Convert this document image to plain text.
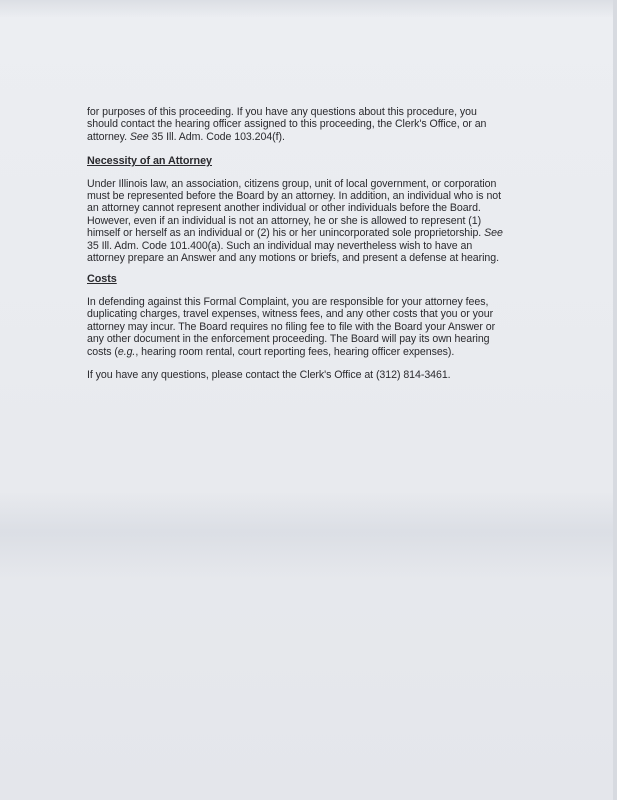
for purposes of this proceeding. If you have any questions about this procedure, you should contact the hearing officer assigned to this proceeding, the Clerk's Office, or an attorney. See 35 Ill. Adm. Code 103.204(f).

Necessity of an Attorney

Under Illinois law, an association, citizens group, unit of local government, or corporation must be represented before the Board by an attorney. In addition, an individual who is not an attorney cannot represent another individual or other individuals before the Board. However, even if an individual is not an attorney, he or she is allowed to represent (1) himself or herself as an individual or (2) his or her unincorporated sole proprietorship. See 35 Ill. Adm. Code 101.400(a). Such an individual may nevertheless wish to have an attorney prepare an Answer and any motions or briefs, and present a defense at hearing.

Costs

In defending against this Formal Complaint, you are responsible for your attorney fees, duplicating charges, travel expenses, witness fees, and any other costs that you or your attorney may incur. The Board requires no filing fee to file with the Board your Answer or any other document in the enforcement proceeding. The Board will pay its own hearing costs (e.g., hearing room rental, court reporting fees, hearing officer expenses).

If you have any questions, please contact the Clerk's Office at (312) 814-3461.
